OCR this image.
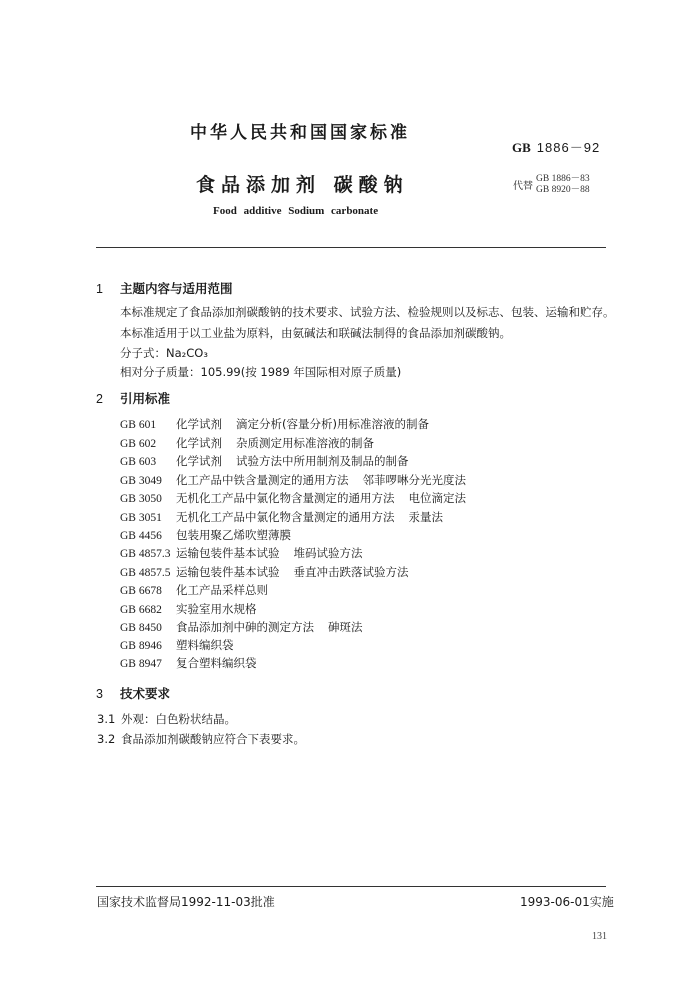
中华人民共和国国家标准
GB 1886－92
食品添加剂 碳酸钠	代替
GB 1886－83
GB 8920－88
Food additive Sodium carbonate
1 主题内容与适用范围
本标准规定了食品添加剂碳酸钠的技术要求、试验方法、检验规则以及标志、包装、运输和贮存。
本标准适用于以工业盐为原料，由氨碱法和联碱法制得的食品添加剂碳酸钠。
分子式：Na₂CO₃
相对分子质量：105.99(按 1989 年国际相对原子质量)
2 引用标准
GB 601 化学试剂 滴定分析(容量分析)用标准溶液的制备
GB 602 化学试剂 杂质测定用标准溶液的制备
GB 603 化学试剂 试验方法中所用制剂及制品的制备
GB 3049 化工产品中铁含量测定的通用方法 邻菲啰啉分光光度法
GB 3050 无机化工产品中氯化物含量测定的通用方法 电位滴定法
GB 3051 无机化工产品中氯化物含量测定的通用方法 汞量法
GB 4456 包装用聚乙烯吹塑薄膜
GB 4857.3 运输包装件基本试验 堆码试验方法
GB 4857.5 运输包装件基本试验 垂直冲击跌落试验方法
GB 6678 化工产品采样总则
GB 6682 实验室用水规格
GB 8450 食品添加剂中砷的测定方法 砷斑法
GB 8946 塑料编织袋
GB 8947 复合塑料编织袋
3 技术要求
3.1 外观：白色粉状结晶。
3.2 食品添加剂碳酸钠应符合下表要求。
国家技术监督局1992-11-03批准	1993-06-01实施
131
